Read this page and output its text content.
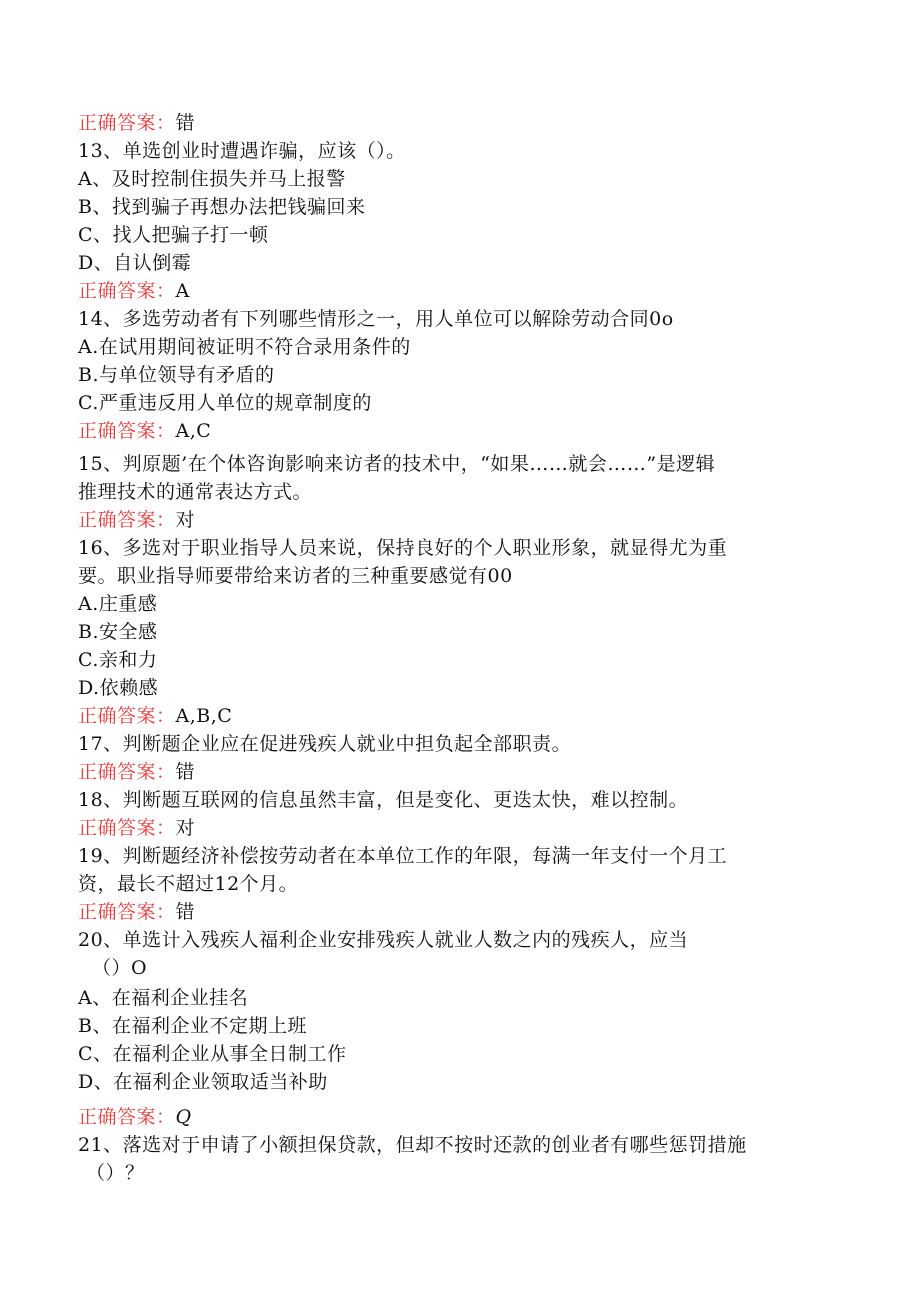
正确答案：错
13、单选创业时遭遇诈骗，应该（）。
A、及时控制住损失并马上报警
B、找到骗子再想办法把钱骗回来
C、找人把骗子打一顿
D、自认倒霉
正确答案：A
14、多选劳动者有下列哪些情形之一，用人单位可以解除劳动合同0o
A.在试用期间被证明不符合录用条件的
B.与单位领导有矛盾的
C.严重违反用人单位的规章制度的
正确答案：A,C
15、判原题’在个体咨询影响来访者的技术中，“如果……就会……”是逻辑
推理技术的通常表达方式。
正确答案：对
16、多选对于职业指导人员来说，保持良好的个人职业形象，就显得尤为重
要。职业指导师要带给来访者的三种重要感觉有00
A.庄重感
B.安全感
C.亲和力
D.依赖感
正确答案：A,B,C
17、判断题企业应在促进残疾人就业中担负起全部职责。
正确答案：错
18、判断题互联网的信息虽然丰富，但是变化、更迭太快，难以控制。
正确答案：对
19、判断题经济补偿按劳动者在本单位工作的年限，每满一年支付一个月工
资，最长不超过12个月。
正确答案：错
20、单选计入残疾人福利企业安排残疾人就业人数之内的残疾人，应当
（）O
A、在福利企业挂名
B、在福利企业不定期上班
C、在福利企业从事全日制工作
D、在福利企业领取适当补助
正确答案：Q
21、落选对于申请了小额担保贷款，但却不按时还款的创业者有哪些惩罚措施
（）？
